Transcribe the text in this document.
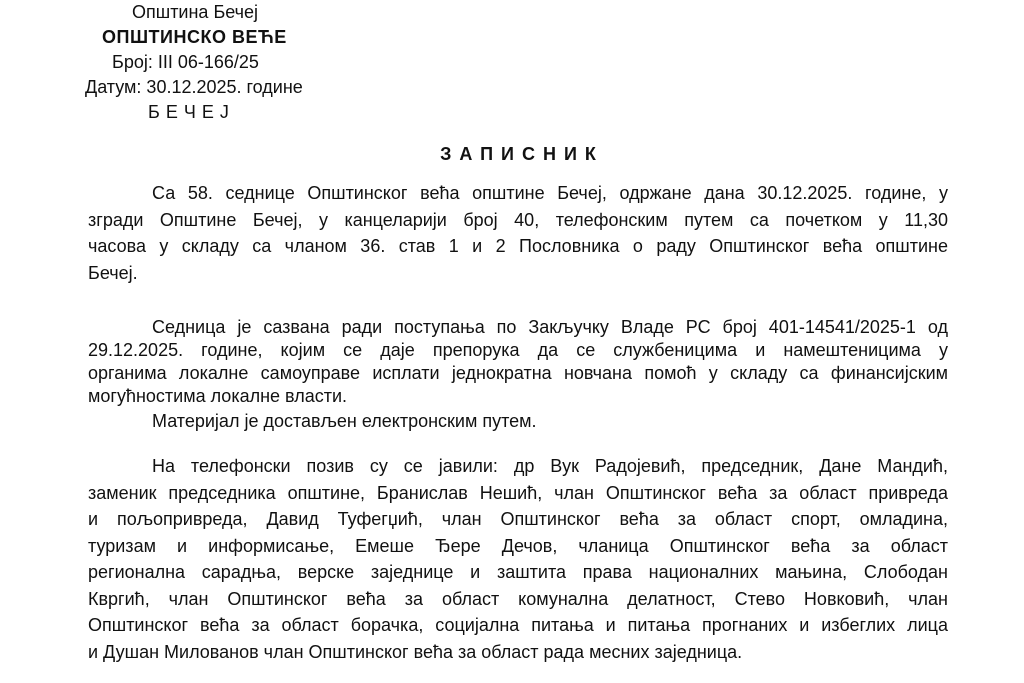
Општина Бечеј
ОПШТИНСКО ВЕЋЕ
Број: III 06-166/25
Датум: 30.12.2025. године
БЕЧЕЈ
ЗАПИСНИК
Са 58. седнице Општинског већа општине Бечеј, одржане дана 30.12.2025. године, у
згради Општине Бечеј, у канцеларији број 40, телефонским путем са почетком у 11,30
часова у складу са чланом 36. став 1 и 2 Пословника о раду Општинског већа општине
Бечеј.
Седница је сазвана ради поступања по Закључку Владе РС број 401-14541/2025-1 од
29.12.2025. године, којим се даје препорука да се службеницима и намештеницима у
органима локалне самоуправе исплати једнократна новчана помоћ у складу са финансијским
могућностима локалне власти.
Материјал је достављен електронским путем.
На телефонски позив су се јавили: др Вук Радојевић, председник, Дане Мандић,
заменик председника општине, Бранислав Нешић, члан Општинског већа за област привреда
и пољопривреда, Давид Туфегџић, члан Општинског већа за област спорт, омладина,
туризам и информисање, Емеше Ђере Дечов, чланица Општинског већа за област
регионална сарадња, верске заједнице и заштита права националних мањина, Слободан
Квргић, члан Општинског већа за област комунална делатност, Стево Новковић, члан
Општинског већа за област борачка, социјална питања и питања прогнаних и избеглих лица
и Душан Милованов члан Општинског већа за област рада месних заједница.
